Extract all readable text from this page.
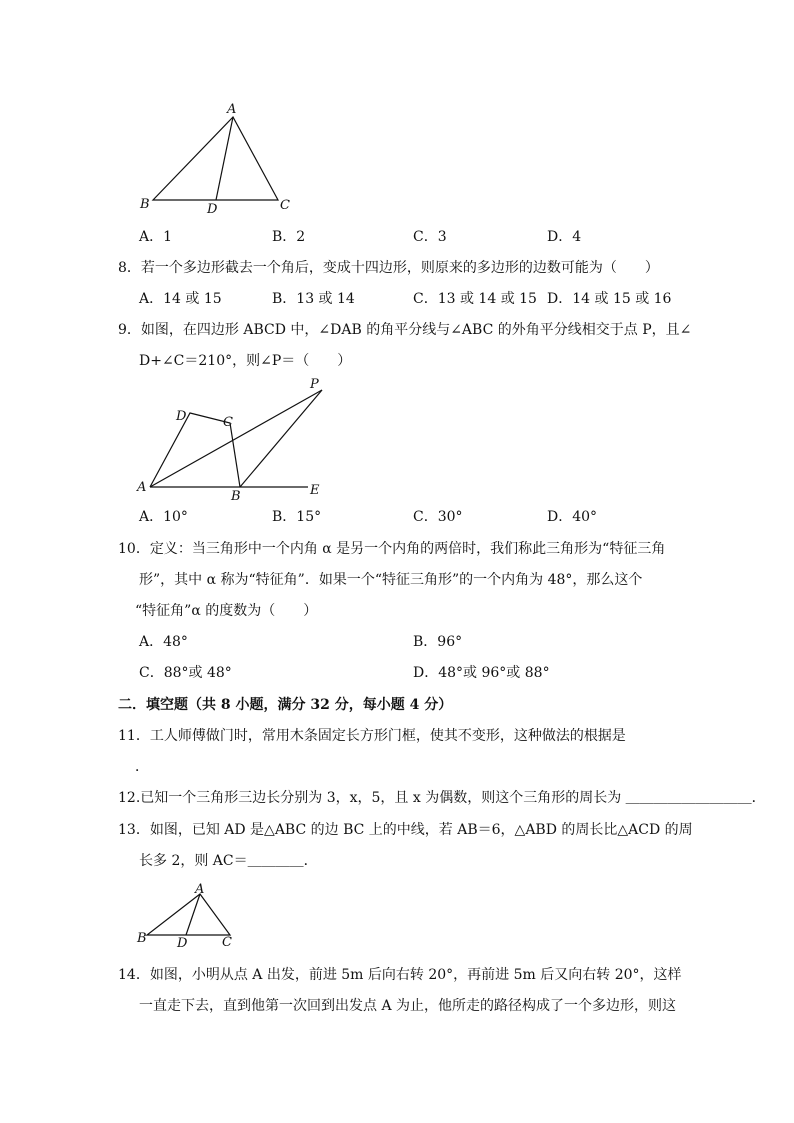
A
B	D	C
A．1	B．2	C．3	D．4
8．若一个多边形截去一个角后，变成十四边形，则原来的多边形的边数可能为（　　）
A．14 或 15	B．13 或 14	C．13 或 14 或 15 D．14 或 15 或 16
9．如图，在四边形 ABCD 中，∠DAB 的角平分线与∠ABC 的外角平分线相交于点 P，且∠
D+∠C＝210°，则∠P＝（　　）
P
D	C
A
B	E
A．10°	B．15°	C．30°	D．40°
10．定义：当三角形中一个内角 α 是另一个内角的两倍时，我们称此三角形为“特征三角
形”，其中 α 称为“特征角”．如果一个“特征三角形”的一个内角为 48°，那么这个
“特征角”α 的度数为（　　）
A．48°	B．96°
C．88°或 48°	D．48°或 96°或 88°
二．填空题（共 8 小题，满分 32 分，每小题 4 分）
11．工人师傅做门时，常用木条固定长方形门框，使其不变形，这种做法的根据是
．
12.已知一个三角形三边长分别为 3，x，5，且 x 为偶数，则这个三角形的周长为 ＿＿＿＿＿＿＿＿＿．
13．如图，已知 AD 是△ABC 的边 BC 上的中线，若 AB＝6，△ABD 的周长比△ACD 的周
长多 2，则 AC＝＿＿＿＿．
A
B D	C
14．如图，小明从点 A 出发，前进 5m 后向右转 20°，再前进 5m 后又向右转 20°，这样
一直走下去，直到他第一次回到出发点 A 为止，他所走的路径构成了一个多边形，则这
